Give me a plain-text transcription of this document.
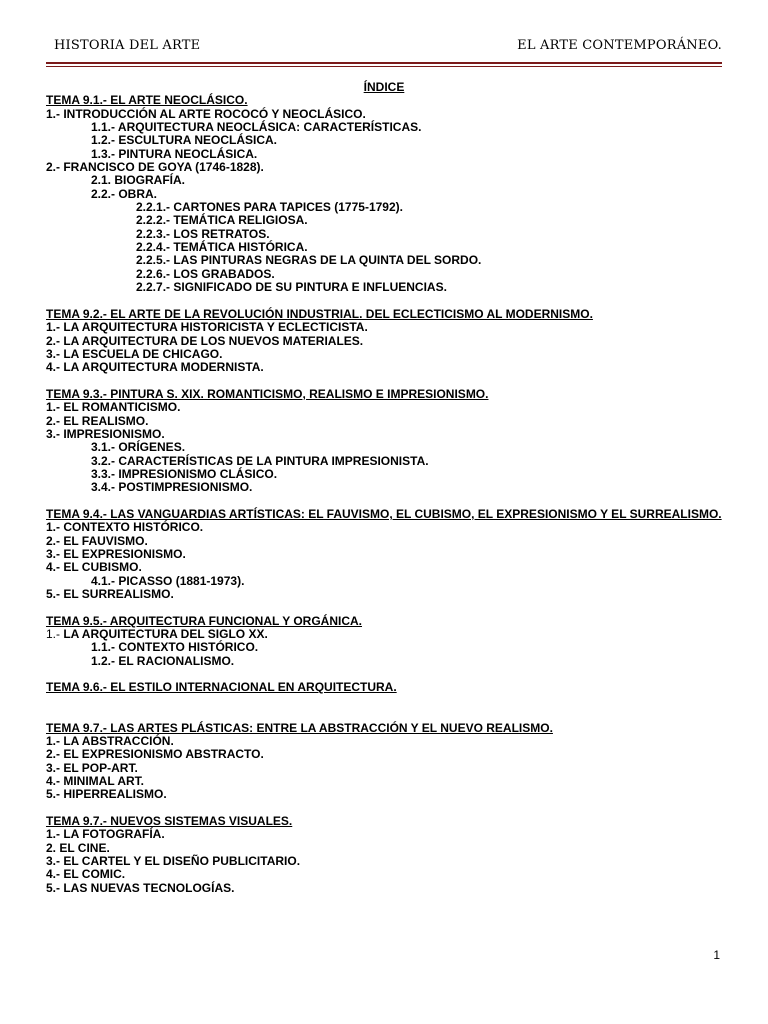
HISTORIA DEL ARTE	EL ARTE CONTEMPORÁNEO.
ÍNDICE
TEMA 9.1.- EL ARTE NEOCLÁSICO.
1.- INTRODUCCIÓN AL ARTE ROCOCÓ Y NEOCLÁSICO.
1.1.- ARQUITECTURA NEOCLÁSICA: CARACTERÍSTICAS.
1.2.- ESCULTURA NEOCLÁSICA.
1.3.- PINTURA NEOCLÁSICA.
2.- FRANCISCO DE GOYA (1746-1828).
2.1. BIOGRAFÍA.
2.2.- OBRA.
2.2.1.- CARTONES PARA TAPICES (1775-1792).
2.2.2.- TEMÁTICA RELIGIOSA.
2.2.3.- LOS RETRATOS.
2.2.4.- TEMÁTICA HISTÓRICA.
2.2.5.- LAS PINTURAS NEGRAS DE LA QUINTA DEL SORDO.
2.2.6.- LOS GRABADOS.
2.2.7.- SIGNIFICADO DE SU PINTURA E INFLUENCIAS.
TEMA 9.2.- EL ARTE DE LA REVOLUCIÓN INDUSTRIAL. DEL ECLECTICISMO AL MODERNISMO.
1.- LA ARQUITECTURA HISTORICISTA Y ECLECTICISTA.
2.- LA ARQUITECTURA DE LOS NUEVOS MATERIALES.
3.- LA ESCUELA DE CHICAGO.
4.- LA ARQUITECTURA MODERNISTA.
TEMA 9.3.- PINTURA S. XIX. ROMANTICISMO, REALISMO E IMPRESIONISMO.
1.- EL ROMANTICISMO.
2.- EL REALISMO.
3.- IMPRESIONISMO.
3.1.- ORÍGENES.
3.2.- CARACTERÍSTICAS DE LA PINTURA IMPRESIONISTA.
3.3.- IMPRESIONISMO CLÁSICO.
3.4.- POSTIMPRESIONISMO.
TEMA 9.4.- LAS VANGUARDIAS ARTÍSTICAS: EL FAUVISMO, EL CUBISMO, EL EXPRESIONISMO Y EL SURREALISMO.
1.- CONTEXTO HISTÓRICO.
2.- EL FAUVISMO.
3.- EL EXPRESIONISMO.
4.- EL CUBISMO.
4.1.- PICASSO (1881-1973).
5.- EL SURREALISMO.
TEMA 9.5.- ARQUITECTURA FUNCIONAL Y ORGÁNICA.
1.- LA ARQUITECTURA DEL SIGLO XX.
1.1.- CONTEXTO HISTÓRICO.
1.2.- EL RACIONALISMO.
TEMA 9.6.- EL ESTILO INTERNACIONAL EN ARQUITECTURA.
TEMA 9.7.- LAS ARTES PLÁSTICAS: ENTRE LA ABSTRACCIÓN Y EL NUEVO REALISMO.
1.- LA ABSTRACCIÓN.
2.- EL EXPRESIONISMO ABSTRACTO.
3.- EL POP-ART.
4.- MINIMAL ART.
5.- HIPERREALISMO.
TEMA 9.7.- NUEVOS SISTEMAS VISUALES.
1.- LA FOTOGRAFÍA.
2. EL CINE.
3.- EL CARTEL Y EL DISEÑO PUBLICITARIO.
4.- EL COMIC.
5.- LAS NUEVAS TECNOLOGÍAS.
1
